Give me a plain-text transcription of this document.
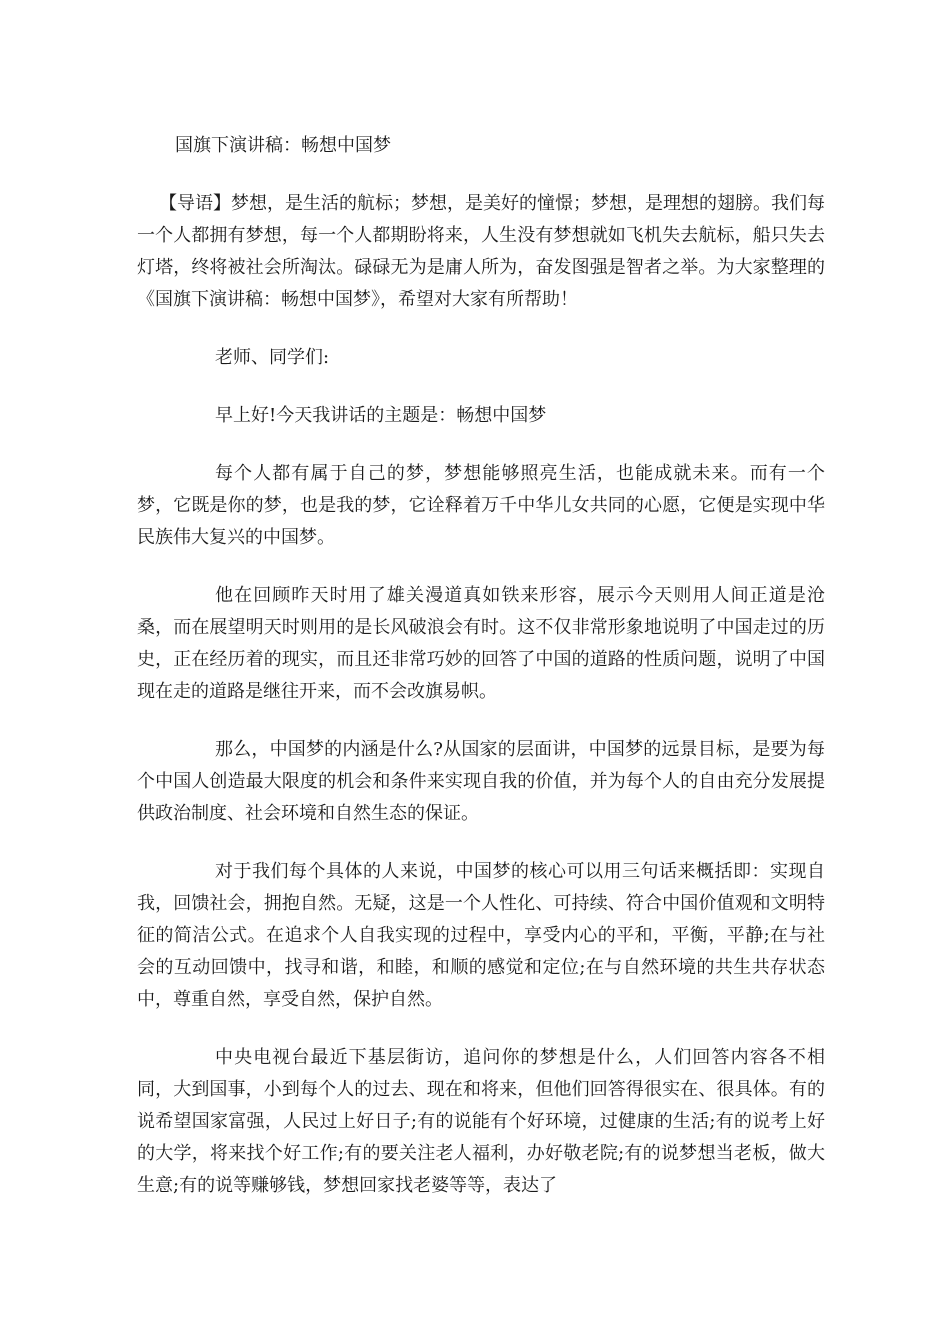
国旗下演讲稿：畅想中国梦

【导语】梦想，是生活的航标；梦想，是美好的憧憬；梦想，是理想的翅膀。我们每一个人都拥有梦想，每一个人都期盼将来，人生没有梦想就如飞机失去航标，船只失去灯塔，终将被社会所淘汰。碌碌无为是庸人所为，奋发图强是智者之举。为大家整理的《国旗下演讲稿：畅想中国梦》，希望对大家有所帮助！

老师、同学们:

早上好!今天我讲话的主题是：畅想中国梦

每个人都有属于自己的梦，梦想能够照亮生活，也能成就未来。而有一个梦，它既是你的梦，也是我的梦，它诠释着万千中华儿女共同的心愿，它便是实现中华民族伟大复兴的中国梦。

他在回顾昨天时用了雄关漫道真如铁来形容，展示今天则用人间正道是沧桑，而在展望明天时则用的是长风破浪会有时。这不仅非常形象地说明了中国走过的历史，正在经历着的现实，而且还非常巧妙的回答了中国的道路的性质问题，说明了中国现在走的道路是继往开来，而不会改旗易帜。

那么，中国梦的内涵是什么?从国家的层面讲，中国梦的远景目标，是要为每个中国人创造最大限度的机会和条件来实现自我的价值，并为每个人的自由充分发展提供政治制度、社会环境和自然生态的保证。

对于我们每个具体的人来说，中国梦的核心可以用三句话来概括即：实现自我，回馈社会，拥抱自然。无疑，这是一个人性化、可持续、符合中国价值观和文明特征的简洁公式。在追求个人自我实现的过程中，享受内心的平和，平衡，平静;在与社会的互动回馈中，找寻和谐，和睦，和顺的感觉和定位;在与自然环境的共生共存状态中，尊重自然，享受自然，保护自然。

中央电视台最近下基层街访，追问你的梦想是什么，人们回答内容各不相同，大到国事，小到每个人的过去、现在和将来，但他们回答得很实在、很具体。有的说希望国家富强，人民过上好日子;有的说能有个好环境，过健康的生活;有的说考上好的大学，将来找个好工作;有的要关注老人福利，办好敬老院;有的说梦想当老板，做大生意;有的说等赚够钱，梦想回家找老婆等等，表达了
